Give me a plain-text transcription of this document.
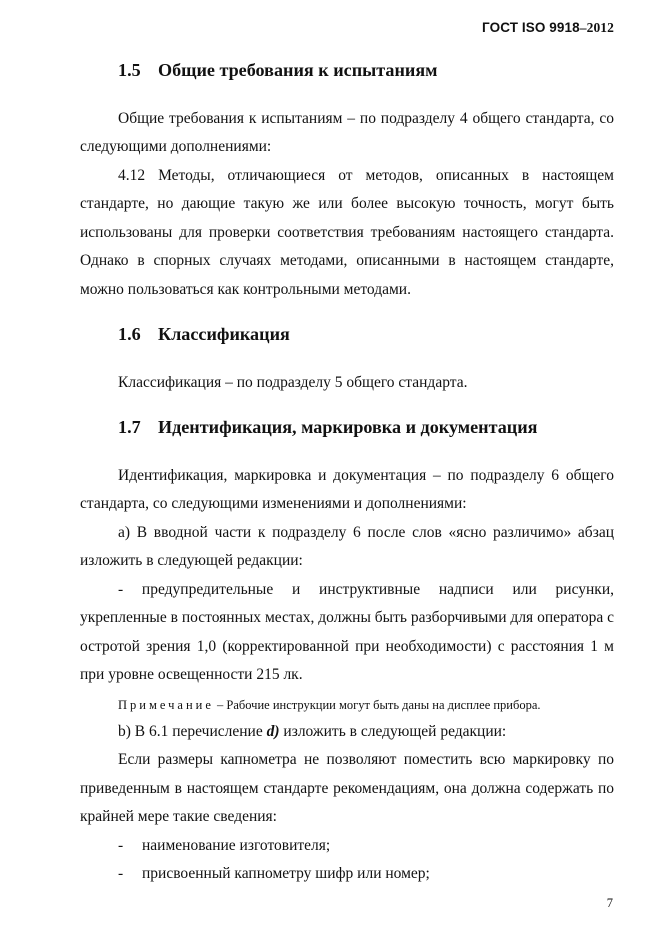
ГОСТ ISO 9918–2012
1.5 Общие требования к испытаниям

Общие требования к испытаниям – по подразделу 4 общего стандарта, со следующими дополнениями:

4.12 Методы, отличающиеся от методов, описанных в настоящем стандарте, но дающие такую же или более высокую точность, могут быть использованы для проверки соответствия требованиям настоящего стандарта. Однако в спорных случаях методами, описанными в настоящем стандарте, можно пользоваться как контрольными методами.

1.6 Классификация

Классификация – по подразделу 5 общего стандарта.

1.7 Идентификация, маркировка и документация

Идентификация, маркировка и документация – по подразделу 6 общего стандарта, со следующими изменениями и дополнениями:

a) В вводной части к подразделу 6 после слов «ясно различимо» абзац изложить в следующей редакции:

- предупредительные и инструктивные надписи или рисунки, укрепленные в постоянных местах, должны быть разборчивыми для оператора с остротой зрения 1,0 (корректированной при необходимости) с расстояния 1 м при уровне освещенности 215 лк.

Примечание – Рабочие инструкции могут быть даны на дисплее прибора.

b) В 6.1 перечисление d) изложить в следующей редакции:

Если размеры капнометра не позволяют поместить всю маркировку по приведенным в настоящем стандарте рекомендациям, она должна содержать по крайней мере такие сведения:

- наименование изготовителя;
- присвоенный капнометру шифр или номер;
7
